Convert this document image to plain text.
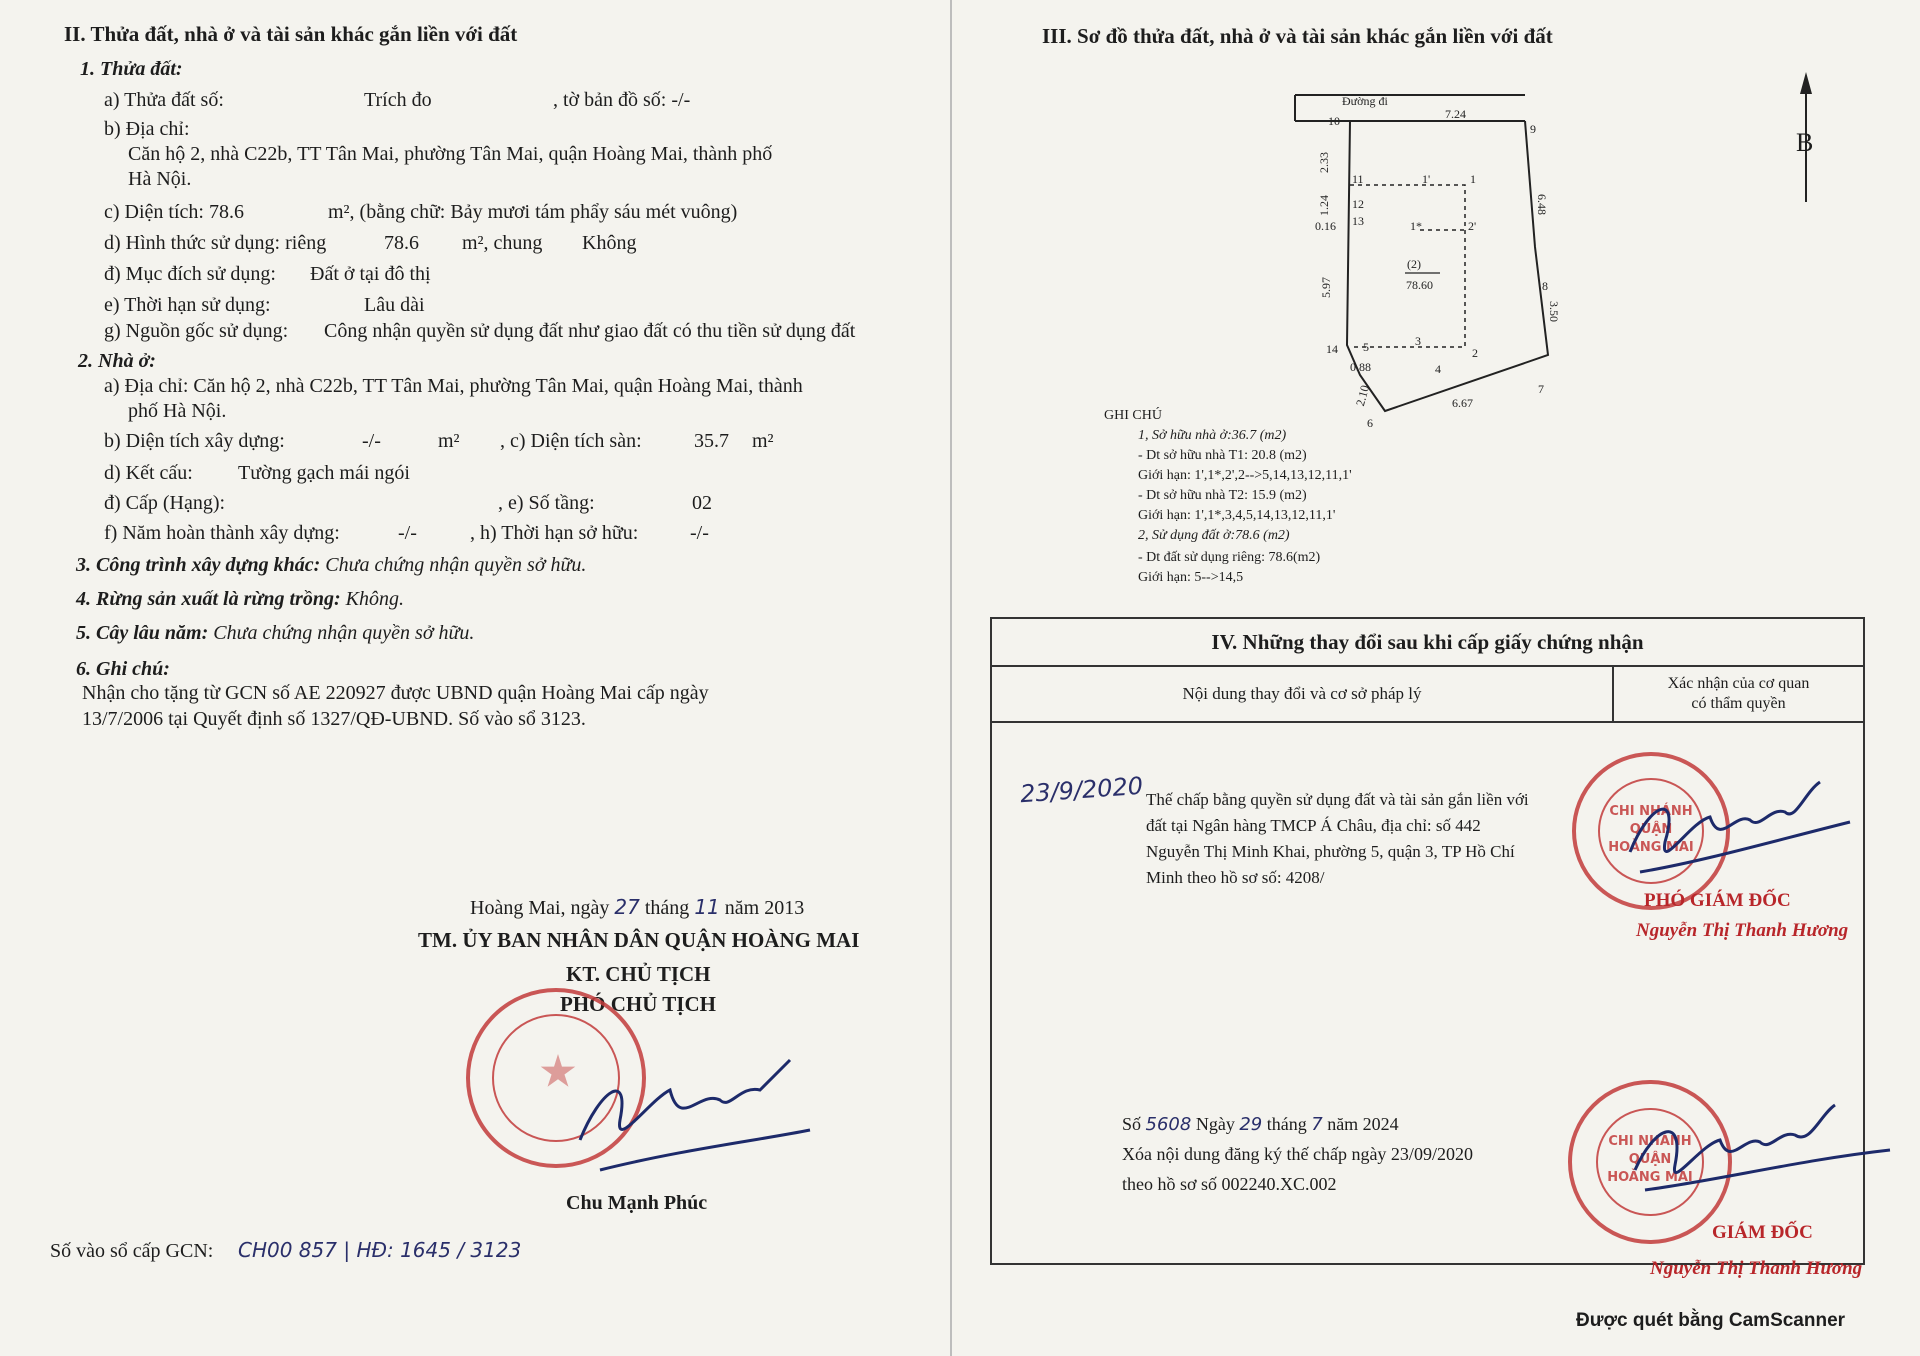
II. Thửa đất, nhà ở và tài sản khác gắn liền với đất
1. Thửa đất:
a) Thửa đất số:	Trích đo	, tờ bản đồ số: -/-
b) Địa chỉ:
Căn hộ 2, nhà C22b, TT Tân Mai, phường Tân Mai, quận Hoàng Mai, thành phố
Hà Nội.
c) Diện tích: 78.6	m², (bằng chữ: Bảy mươi tám phẩy sáu mét vuông)
d) Hình thức sử dụng: riêng	78.6 m², chung Không
đ) Mục đích sử dụng: Đất ở tại đô thị
e) Thời hạn sử dụng:	Lâu dài
g) Nguồn gốc sử dụng: Công nhận quyền sử dụng đất như giao đất có thu tiền sử dụng đất
2. Nhà ở:
a) Địa chỉ: Căn hộ 2, nhà C22b, TT Tân Mai, phường Tân Mai, quận Hoàng Mai, thành
phố Hà Nội.
b) Diện tích xây dựng:	-/-	m² , c) Diện tích sàn:	35.7 m²
d) Kết cấu: Tường gạch mái ngói
đ) Cấp (Hạng):	, e) Số tầng:	02
f) Năm hoàn thành xây dựng:	-/-	, h) Thời hạn sở hữu:	-/-
3. Công trình xây dựng khác: Chưa chứng nhận quyền sở hữu.
4. Rừng sản xuất là rừng trồng: Không.
5. Cây lâu năm: Chưa chứng nhận quyền sở hữu.
6. Ghi chú:
Nhận cho tặng từ GCN số AE 220927 được UBND quận Hoàng Mai cấp ngày
13/7/2006 tại Quyết định số 1327/QĐ-UBND. Số vào sổ 3123.
Hoàng Mai, ngày 27 tháng 11 năm 2013
TM. ỦY BAN NHÂN DÂN QUẬN HOÀNG MAI
KT. CHỦ TỊCH
PHÓ CHỦ TỊCH
Chu Mạnh Phúc
Số vào sổ cấp GCN: CH00 857 | HĐ: 1645 / 3123
III. Sơ đồ thửa đất, nhà ở và tài sản khác gắn liền với đất
B
Đường đi
7.24
2.33
1.24
0.16
5.97
6.48
3.50
0.88
2.10	6.67
(2)
78.60
10
9
11	1'	1
12
13	1*	2'
8
14 5	3
2
4
7
6
GHI CHÚ
1, Sở hữu nhà ở:36.7 (m2)
- Dt sở hữu nhà T1: 20.8 (m2)
Giới hạn: 1',1*,2',2-->5,14,13,12,11,1'
- Dt sở hữu nhà T2: 15.9 (m2)
Giới hạn: 1',1*,3,4,5,14,13,12,11,1'
2, Sử dụng đất ở:78.6 (m2)
- Dt đất sử dụng riêng: 78.6(m2)
Giới hạn: 5-->14,5
IV. Những thay đổi sau khi cấp giấy chứng nhận
Nội dung thay đổi và cơ sở pháp lý	Xác nhận của cơ quan
có thẩm quyền

23/9/2020 Thế chấp bằng quyền sử dụng đất và tài sản gắn liền với
đất tại Ngân hàng TMCP Á Châu, địa chỉ: số 442
Nguyễn Thị Minh Khai, phường 5, quận 3, TP Hồ Chí
Minh theo hồ sơ số: 4208/
CHI NHÁNH
QUẬN
HOÀNG MAI
PHÓ GIÁM ĐỐC
Nguyễn Thị Thanh Hương
Số 5608 Ngày 29 tháng 7 năm 2024
Xóa nội dung đăng ký thế chấp ngày 23/09/2020
theo hồ sơ số 002240.XC.002
CHI NHÁNH
QUẬN
HOÀNG MAI
GIÁM ĐỐC
Nguyễn Thị Thanh Hương
Được quét bằng CamScanner
